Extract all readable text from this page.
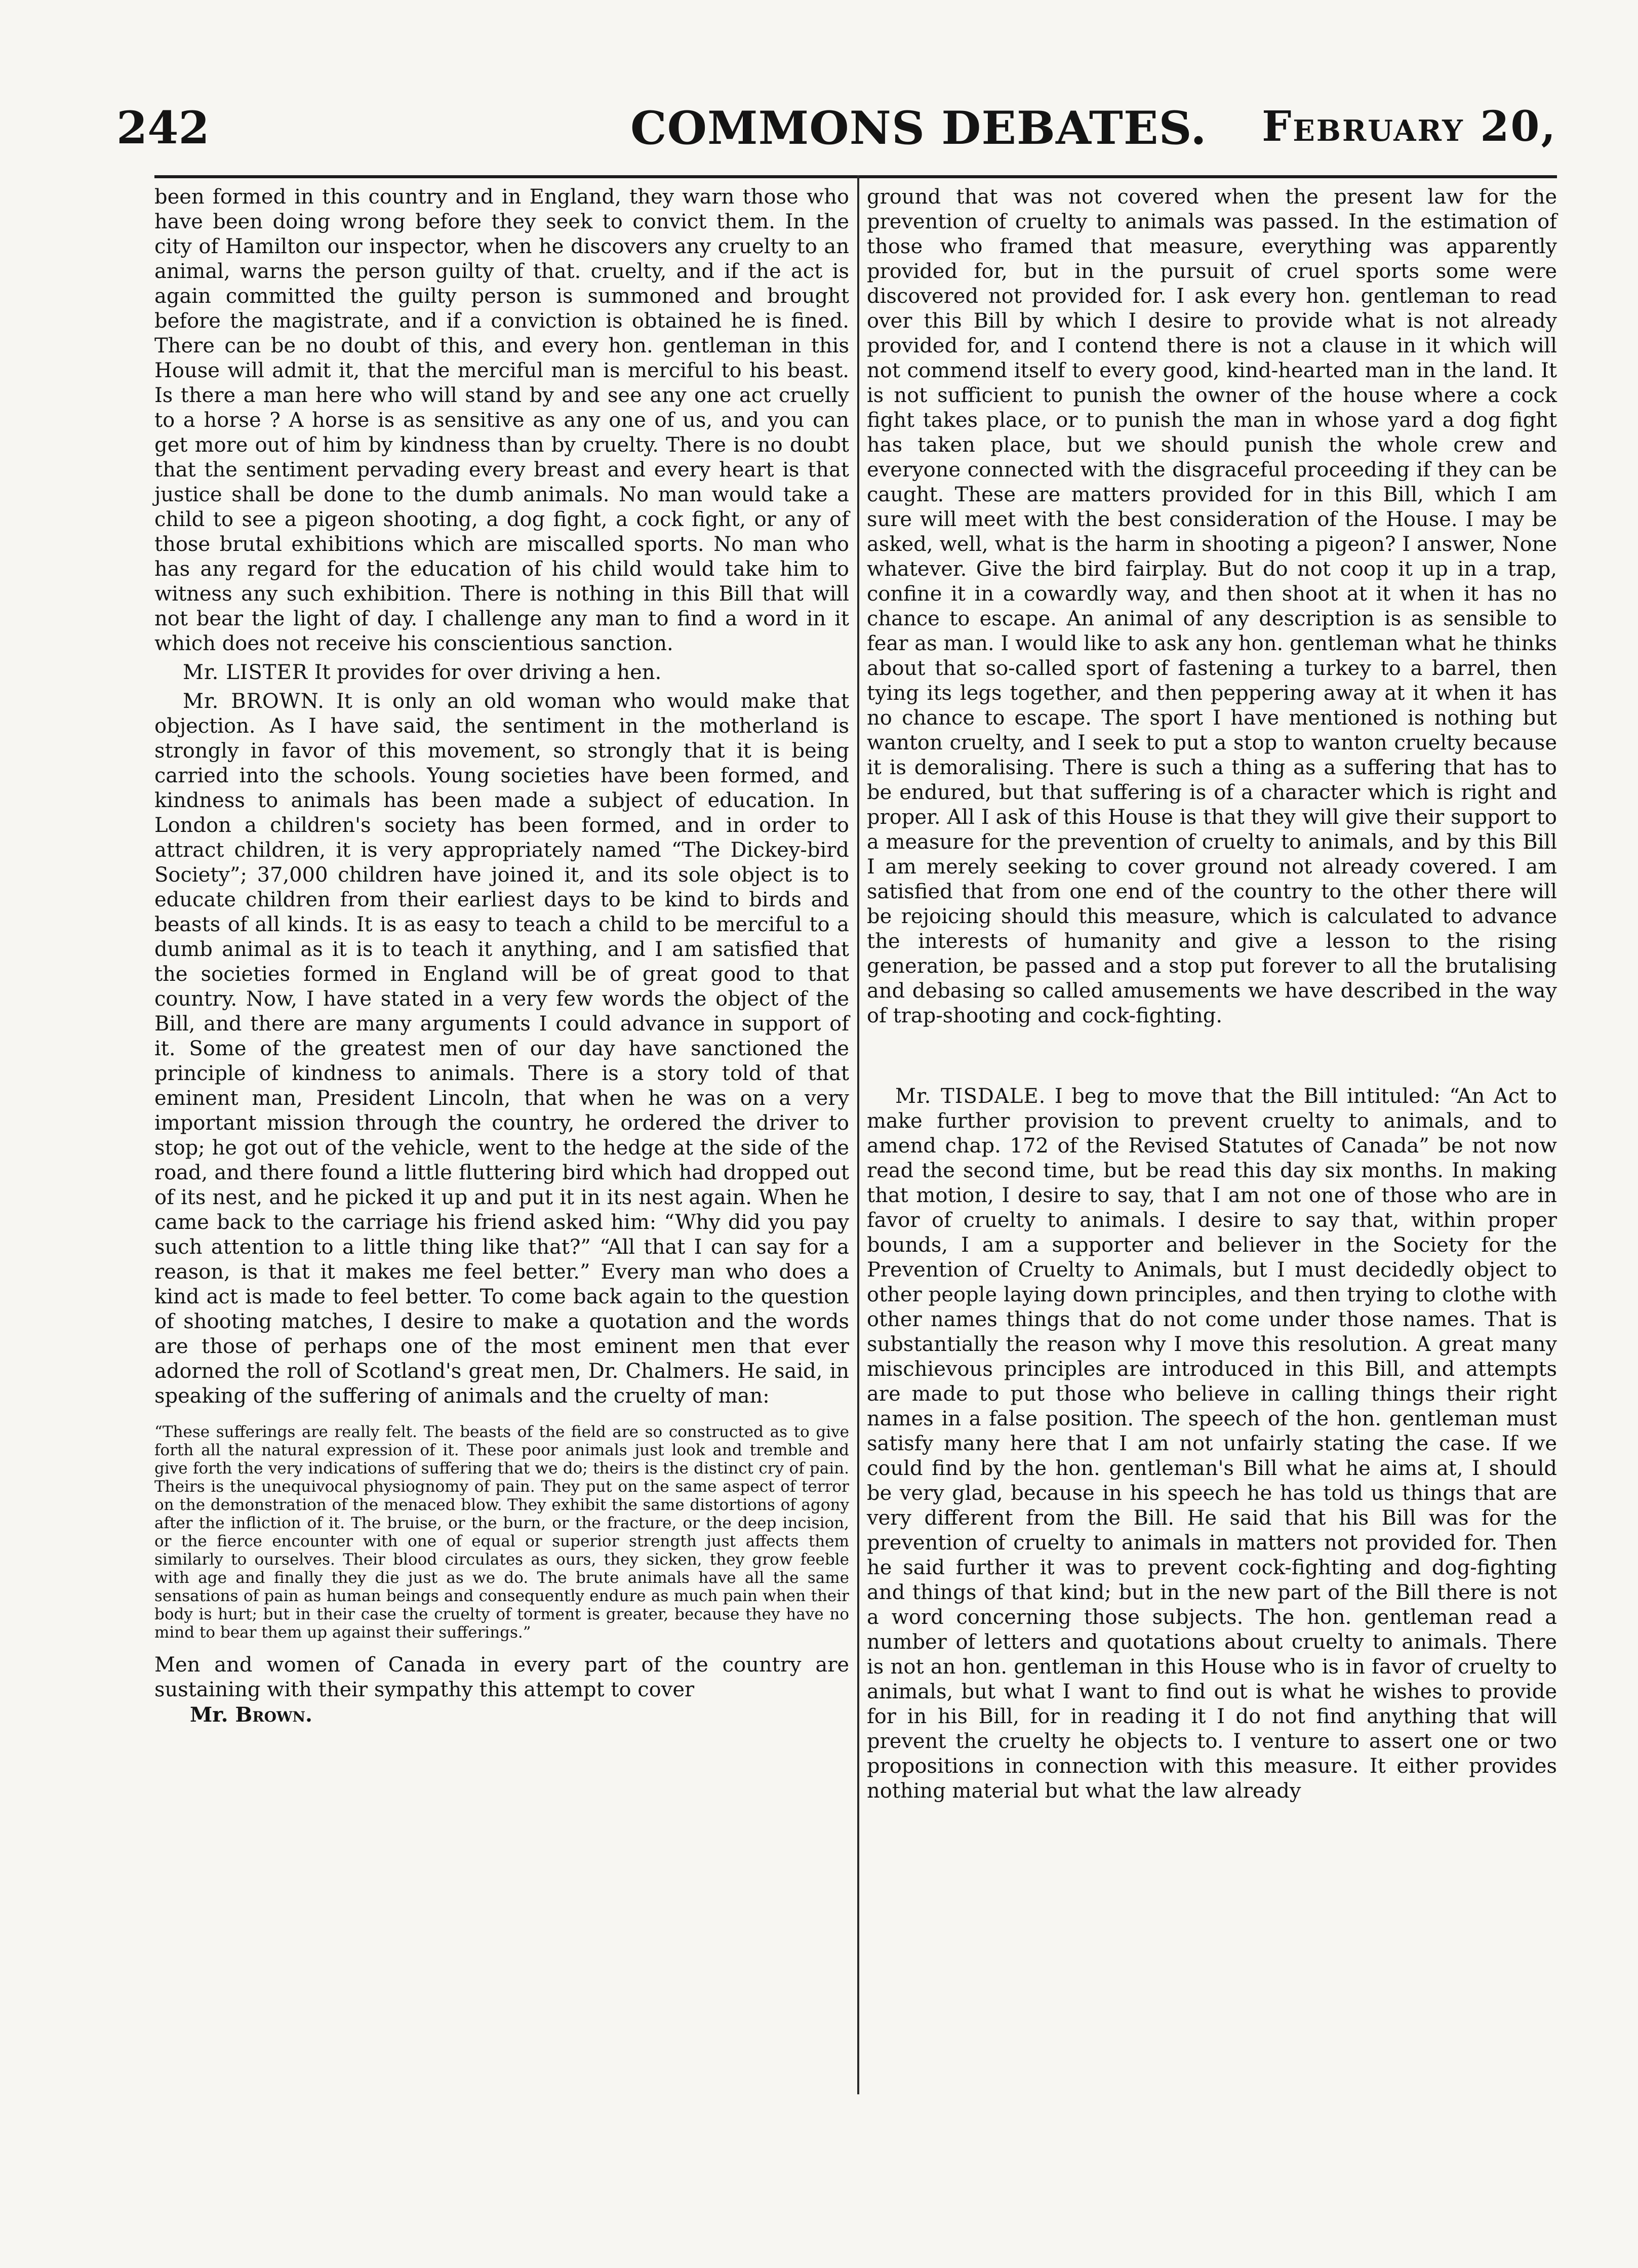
242	COMMONS DEBATES. February 20,

been formed in this country and in England, they warn those who have been doing wrong before they seek to convict them. In the city of Hamilton our inspector, when he discovers any cruelty to an animal, warns the person guilty of that. cruelty, and if the act is again committed the guilty person is summoned and brought before the magistrate, and if a conviction is obtained he is fined. There can be no doubt of this, and every hon. gentleman in this House will admit it, that the merciful man is merciful to his beast. Is there a man here who will stand by and see any one act cruelly to a horse ? A horse is as sensitive as any one of us, and you can get more out of him by kindness than by cruelty. There is no doubt that the sentiment pervading every breast and every heart is that justice shall be done to the dumb animals. No man would take a child to see a pigeon shooting, a dog fight, a cock fight, or any of those brutal exhibitions which are miscalled sports. No man who has any regard for the education of his child would take him to witness any such exhibition. There is nothing in this Bill that will not bear the light of day. I challenge any man to find a word in it which does not receive his conscientious sanction.

Mr. LISTER It provides for over driving a hen.

Mr. BROWN. It is only an old woman who would make that objection. As I have said, the sentiment in the motherland is strongly in favor of this movement, so strongly that it is being carried into the schools. Young societies have been formed, and kindness to animals has been made a subject of education. In London a children's society has been formed, and in order to attract children, it is very appropriately named “The Dickey-bird Society”; 37,000 children have joined it, and its sole object is to educate children from their earliest days to be kind to birds and beasts of all kinds. It is as easy to teach a child to be merciful to a dumb animal as it is to teach it anything, and I am satisfied that the societies formed in England will be of great good to that country. Now, I have stated in a very few words the object of the Bill, and there are many arguments I could advance in support of it. Some of the greatest men of our day have sanctioned the principle of kindness to animals. There is a story told of that eminent man, President Lincoln, that when he was on a very important mission through the country, he ordered the driver to stop; he got out of the vehicle, went to the hedge at the side of the road, and there found a little fluttering bird which had dropped out of its nest, and he picked it up and put it in its nest again. When he came back to the carriage his friend asked him: “Why did you pay such attention to a little thing like that?” “All that I can say for a reason, is that it makes me feel better.” Every man who does a kind act is made to feel better. To come back again to the question of shooting matches, I desire to make a quotation and the words are those of perhaps one of the most eminent men that ever adorned the roll of Scotland's great men, Dr. Chalmers. He said, in speaking of the suffering of animals and the cruelty of man:

“These sufferings are really felt. The beasts of the field are so constructed as to give forth all the natural expression of it. These poor animals just look and tremble and give forth the very indications of suffering that we do; theirs is the distinct cry of pain. Theirs is the unequivocal physiognomy of pain. They put on the same aspect of terror on the demonstration of the menaced blow. They exhibit the same distortions of agony after the infliction of it. The bruise, or the burn, or the fracture, or the deep incision, or the fierce encounter with one of equal or superior strength just affects them similarly to ourselves. Their blood circulates as ours, they sicken, they grow feeble with age and finally they die just as we do. The brute animals have all the same sensations of pain as human beings and consequently endure as much pain when their body is hurt; but in their case the cruelty of torment is greater, because they have no mind to bear them up against their sufferings.”

Men and women of Canada in every part of the country are sustaining with their sympathy this attempt to cover

Mr. Brown.

ground that was not covered when the present law for the prevention of cruelty to animals was passed. In the estimation of those who framed that measure, everything was apparently provided for, but in the pursuit of cruel sports some were discovered not provided for. I ask every hon. gentleman to read over this Bill by which I desire to provide what is not already provided for, and I contend there is not a clause in it which will not commend itself to every good, kind-hearted man in the land. It is not sufficient to punish the owner of the house where a cock fight takes place, or to punish the man in whose yard a dog fight has taken place, but we should punish the whole crew and everyone connected with the disgraceful proceeding if they can be caught. These are matters provided for in this Bill, which I am sure will meet with the best consideration of the House. I may be asked, well, what is the harm in shooting a pigeon? I answer, None whatever. Give the bird fairplay. But do not coop it up in a trap, confine it in a cowardly way, and then shoot at it when it has no chance to escape. An animal of any description is as sensible to fear as man. I would like to ask any hon. gentleman what he thinks about that so-called sport of fastening a turkey to a barrel, then tying its legs together, and then peppering away at it when it has no chance to escape. The sport I have mentioned is nothing but wanton cruelty, and I seek to put a stop to wanton cruelty because it is demoralising. There is such a thing as a suffering that has to be endured, but that suffering is of a character which is right and proper. All I ask of this House is that they will give their support to a measure for the prevention of cruelty to animals, and by this Bill I am merely seeking to cover ground not already covered. I am satisfied that from one end of the country to the other there will be rejoicing should this measure, which is calculated to advance the interests of humanity and give a lesson to the rising generation, be passed and a stop put forever to all the brutalising and debasing so called amusements we have described in the way of trap-shooting and cock-fighting.

Mr. TISDALE. I beg to move that the Bill intituled: “An Act to make further provision to prevent cruelty to animals, and to amend chap. 172 of the Revised Statutes of Canada” be not now read the second time, but be read this day six months. In making that motion, I desire to say, that I am not one of those who are in favor of cruelty to animals. I desire to say that, within proper bounds, I am a supporter and believer in the Society for the Prevention of Cruelty to Animals, but I must decidedly object to other people laying down principles, and then trying to clothe with other names things that do not come under those names. That is substantially the reason why I move this resolution. A great many mischievous principles are introduced in this Bill, and attempts are made to put those who believe in calling things their right names in a false position. The speech of the hon. gentleman must satisfy many here that I am not unfairly stating the case. If we could find by the hon. gentleman's Bill what he aims at, I should be very glad, because in his speech he has told us things that are very different from the Bill. He said that his Bill was for the prevention of cruelty to animals in matters not provided for. Then he said further it was to prevent cock-fighting and dog-fighting and things of that kind; but in the new part of the Bill there is not a word concerning those subjects. The hon. gentleman read a number of letters and quotations about cruelty to animals. There is not an hon. gentleman in this House who is in favor of cruelty to animals, but what I want to find out is what he wishes to provide for in his Bill, for in reading it I do not find anything that will prevent the cruelty he objects to. I venture to assert one or two propositions in connection with this measure. It either provides nothing material but what the law already
